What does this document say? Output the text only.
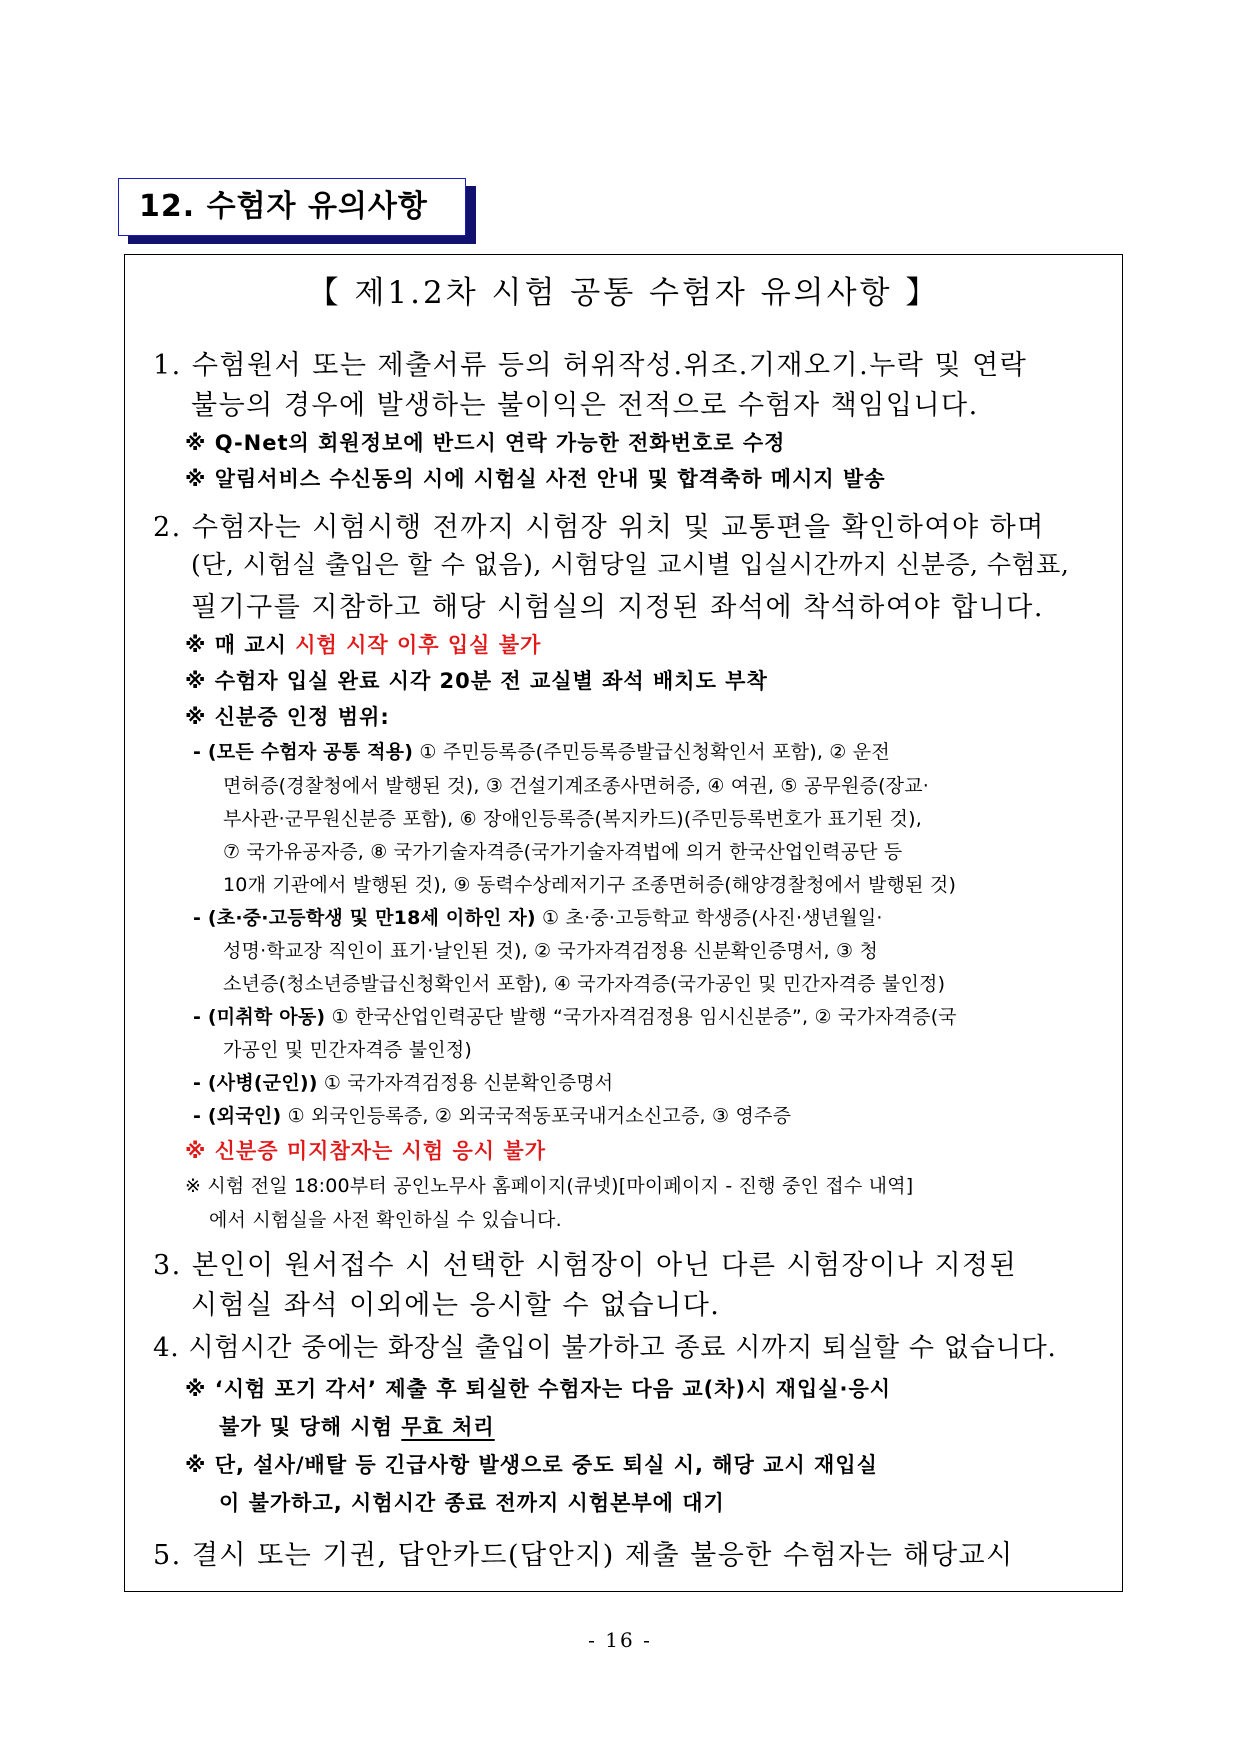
12. 수험자 유의사항
【 제1.2차 시험 공통 수험자 유의사항 】
1. 수험원서 또는 제출서류 등의 허위작성.위조.기재오기.누락 및 연락
불능의 경우에 발생하는 불이익은 전적으로 수험자 책임입니다.
※ Q-Net의 회원정보에 반드시 연락 가능한 전화번호로 수정
※ 알림서비스 수신동의 시에 시험실 사전 안내 및 합격축하 메시지 발송
2. 수험자는 시험시행 전까지 시험장 위치 및 교통편을 확인하여야 하며
(단, 시험실 출입은 할 수 없음), 시험당일 교시별 입실시간까지 신분증, 수험표,
필기구를 지참하고 해당 시험실의 지정된 좌석에 착석하여야 합니다.
※ 매 교시 시험 시작 이후 입실 불가
※ 수험자 입실 완료 시각 20분 전 교실별 좌석 배치도 부착
※ 신분증 인정 범위:
- (모든 수험자 공통 적용) ① 주민등록증(주민등록증발급신청확인서 포함), ② 운전
면허증(경찰청에서 발행된 것), ③ 건설기계조종사면허증, ④ 여권, ⑤ 공무원증(장교·
부사관·군무원신분증 포함), ⑥ 장애인등록증(복지카드)(주민등록번호가 표기된 것),
⑦ 국가유공자증, ⑧ 국가기술자격증(국가기술자격법에 의거 한국산업인력공단 등
10개 기관에서 발행된 것), ⑨ 동력수상레저기구 조종면허증(해양경찰청에서 발행된 것)
- (초·중·고등학생 및 만18세 이하인 자) ① 초·중·고등학교 학생증(사진·생년월일·
성명·학교장 직인이 표기·날인된 것), ② 국가자격검정용 신분확인증명서, ③ 청
소년증(청소년증발급신청확인서 포함), ④ 국가자격증(국가공인 및 민간자격증 불인정)
- (미취학 아동) ① 한국산업인력공단 발행 “국가자격검정용 임시신분증”, ② 국가자격증(국
가공인 및 민간자격증 불인정)
- (사병(군인)) ① 국가자격검정용 신분확인증명서
- (외국인) ① 외국인등록증, ② 외국국적동포국내거소신고증, ③ 영주증
※ 신분증 미지참자는 시험 응시 불가
※ 시험 전일 18:00부터 공인노무사 홈페이지(큐넷)[마이페이지 - 진행 중인 접수 내역]
에서 시험실을 사전 확인하실 수 있습니다.
3. 본인이 원서접수 시 선택한 시험장이 아닌 다른 시험장이나 지정된
시험실 좌석 이외에는 응시할 수 없습니다.
4. 시험시간 중에는 화장실 출입이 불가하고 종료 시까지 퇴실할 수 없습니다.
※ ‘시험 포기 각서’ 제출 후 퇴실한 수험자는 다음 교(차)시 재입실·응시
불가 및 당해 시험 무효 처리
※ 단, 설사/배탈 등 긴급사항 발생으로 중도 퇴실 시, 해당 교시 재입실
이 불가하고, 시험시간 종료 전까지 시험본부에 대기
5. 결시 또는 기권, 답안카드(답안지) 제출 불응한 수험자는 해당교시
- 16 -
